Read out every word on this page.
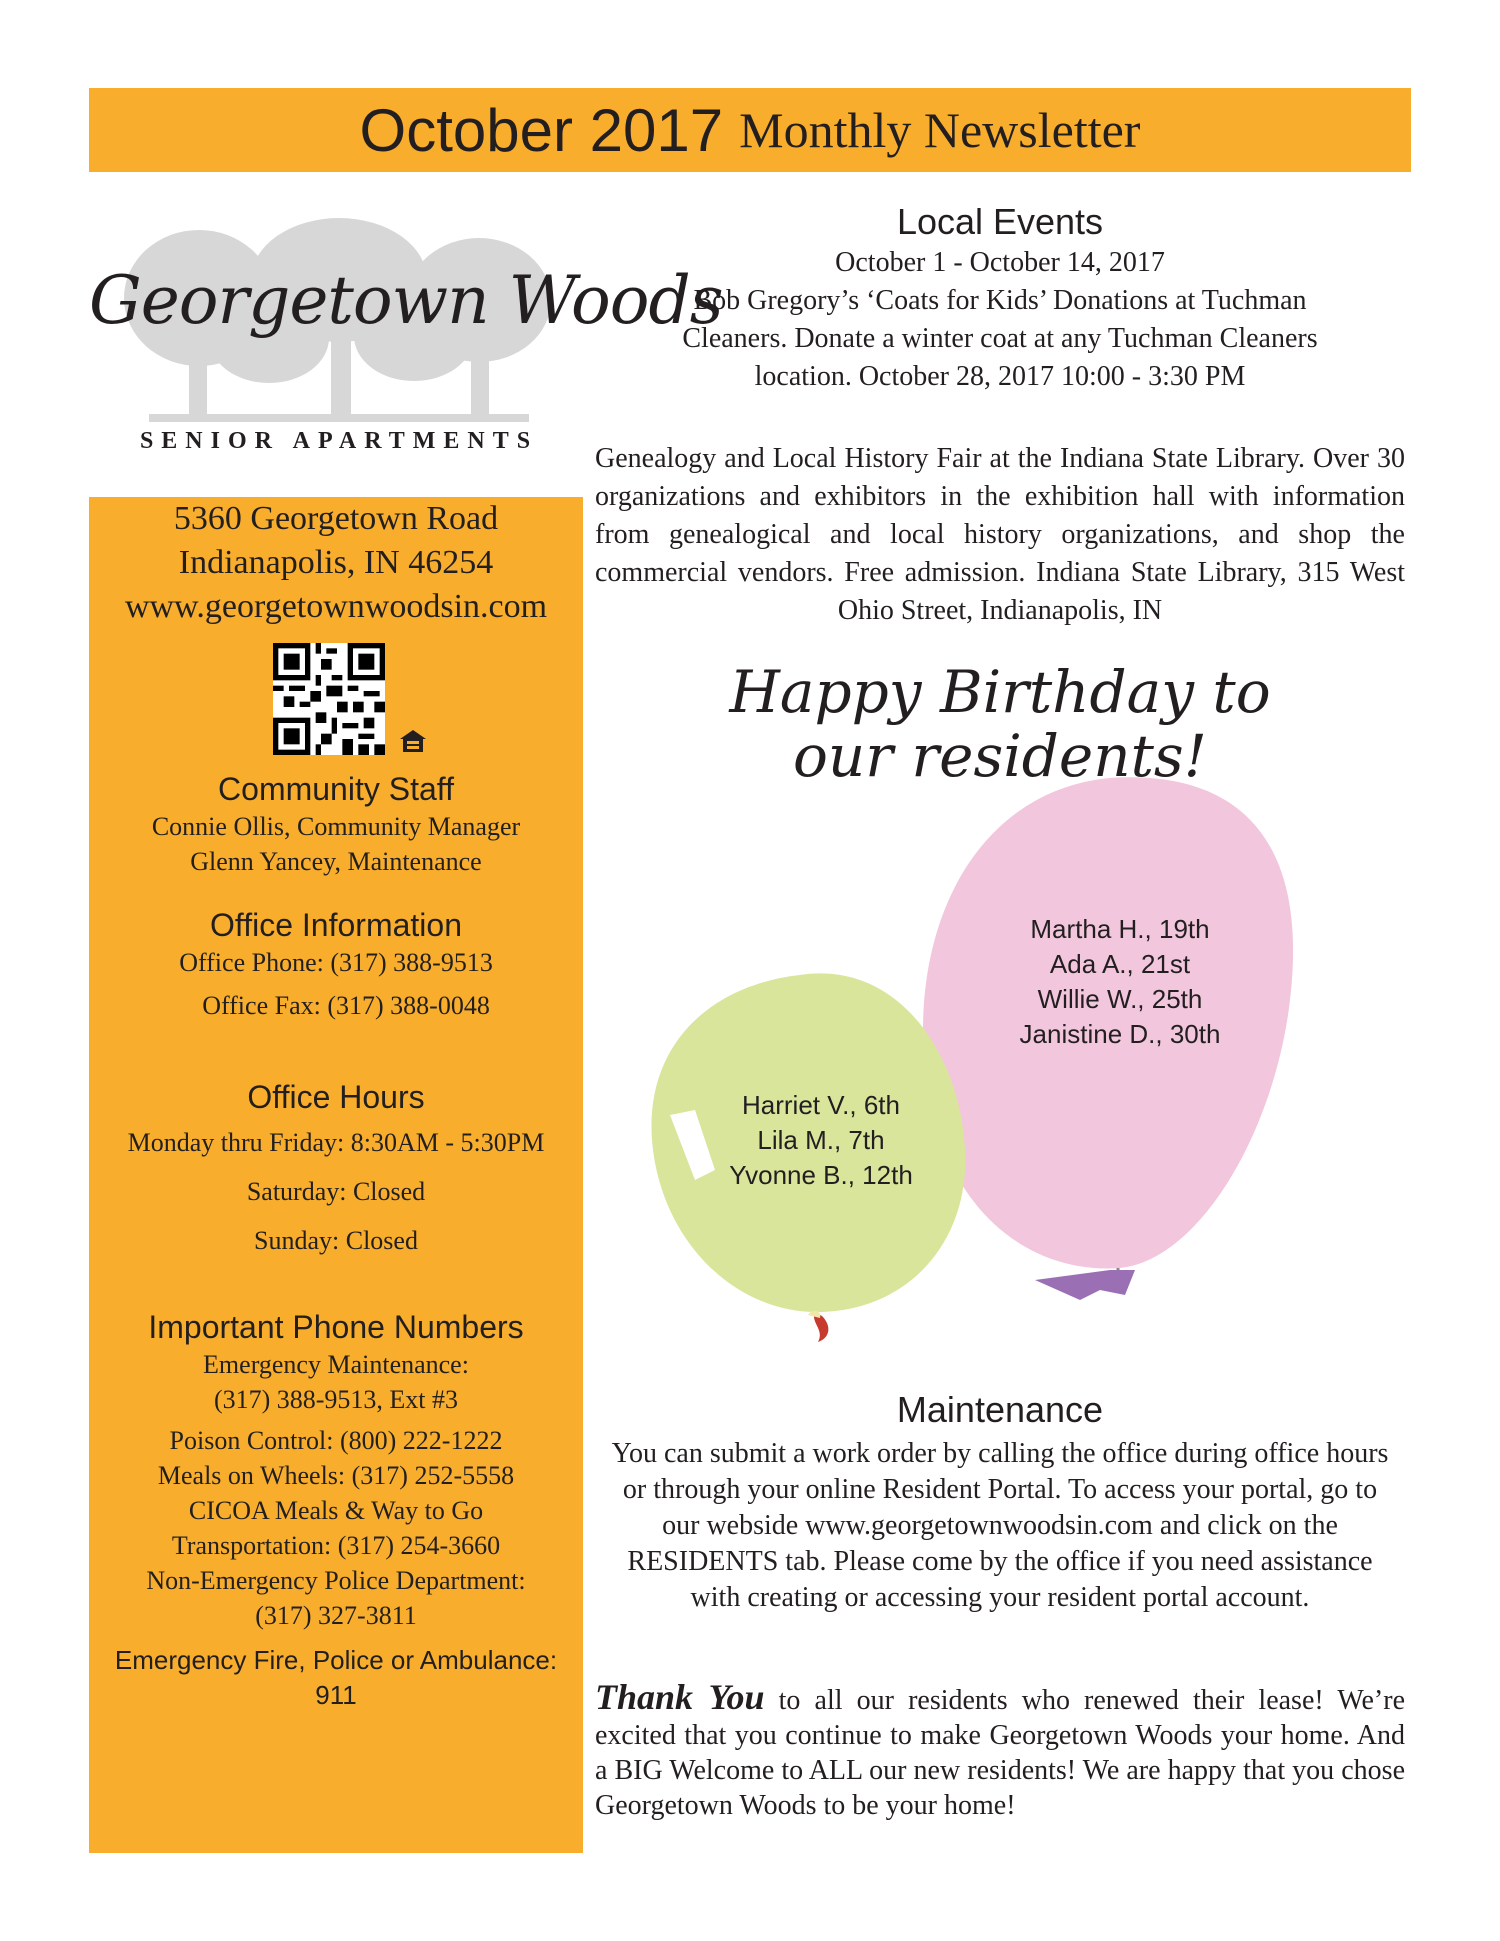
October 2017 Monthly Newsletter
Georgetown Woods
SENIOR APARTMENTS
5360 Georgetown Road
Indianapolis, IN 46254
www.georgetownwoodsin.com
Community Staff
Connie Ollis, Community Manager
Glenn Yancey, Maintenance
Office Information
Office Phone: (317) 388-9513
Office Fax: (317) 388-0048
Office Hours
Monday thru Friday: 8:30AM - 5:30PM
Saturday: Closed
Sunday: Closed
Important Phone Numbers
Emergency Maintenance:
(317) 388-9513, Ext #3
Poison Control: (800) 222-1222
Meals on Wheels: (317) 252-5558
CICOA Meals & Way to Go
Transportation: (317) 254-3660
Non-Emergency Police Department:
(317) 327-3811
Emergency Fire, Police or Ambulance:
911
Local Events
October 1 - October 14, 2017
Bob Gregory’s ‘Coats for Kids’ Donations at Tuchman
Cleaners. Donate a winter coat at any Tuchman Cleaners
location. October 28, 2017 10:00 - 3:30 PM
Genealogy and Local History Fair at the Indiana State Library. Over 30 organizations and exhibitors in the exhibition hall with information from genealogical and local history organizations, and shop the commercial vendors. Free admission. Indiana State Library, 315 West Ohio Street, Indianapolis, IN
Happy Birthday to
our residents!
Harriet V., 6th
Lila M., 7th
Yvonne B., 12th
Martha H., 19th
Ada A., 21st
Willie W., 25th
Janistine D., 30th
Maintenance
You can submit a work order by calling the office during office hours
or through your online Resident Portal. To access your portal, go to
our webside www.georgetownwoodsin.com and click on the
RESIDENTS tab. Please come by the office if you need assistance
with creating or accessing your resident portal account.
Thank You to all our residents who renewed their lease! We’re excited that you continue to make Georgetown Woods your home. And a BIG Welcome to ALL our new residents! We are happy that you chose Georgetown Woods to be your home!
